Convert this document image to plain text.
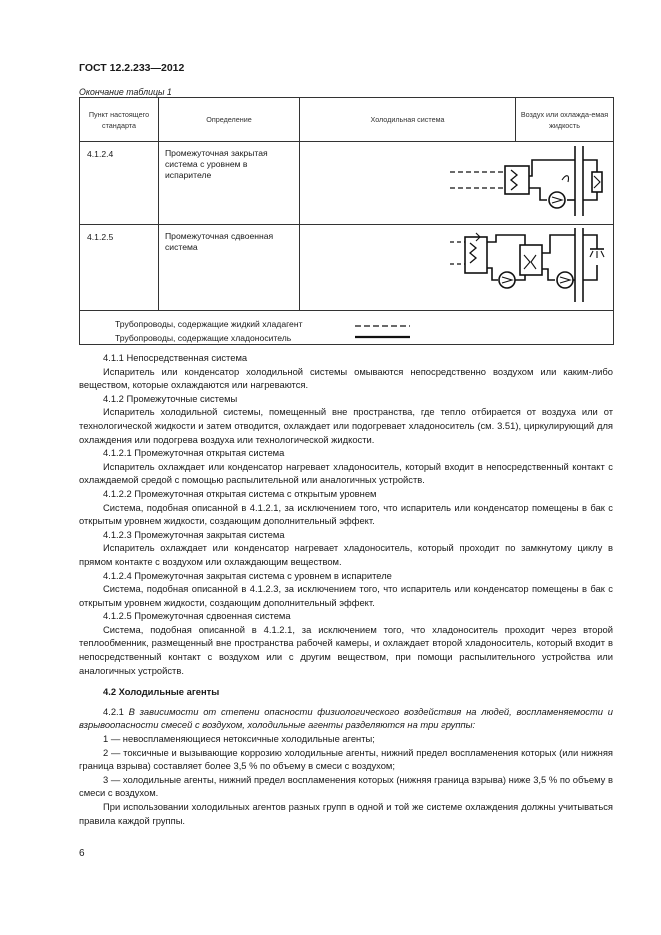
ГОСТ 12.2.233—2012
Окончание таблицы 1
Пункт настоящего стандарта	Определение	Холодильная система	Воздух или охлажда-емая жидкость
4.1.2.4	Промежуточная закрытая система с уровнем в испарителе	

4.1.2.5	Промежуточная сдвоенная система	

Трубопроводы, содержащие жидкий хладагент
Трубопроводы, содержащие хладоноситель			

4.1.1 Непосредственная система

Испаритель или конденсатор холодильной системы омываются непосредственно воздухом или каким-либо веществом, которые охлаждаются или нагреваются.

4.1.2 Промежуточные системы

Испаритель холодильной системы, помещенный вне пространства, где тепло отбирается от воздуха или от технологической жидкости и затем отводится, охлаждает или подогревает хладоноситель (см. 3.51), циркулирующий для охлаждения или подогрева воздуха или технологической жидкости.

4.1.2.1 Промежуточная открытая система

Испаритель охлаждает или конденсатор нагревает хладоноситель, который входит в непосредственный контакт с охлаждаемой средой с помощью распылительной или аналогичных устройств.

4.1.2.2 Промежуточная открытая система с открытым уровнем

Система, подобная описанной в 4.1.2.1, за исключением того, что испаритель или конденсатор помещены в бак с открытым уровнем жидкости, создающим дополнительный эффект.

4.1.2.3 Промежуточная закрытая система

Испаритель охлаждает или конденсатор нагревает хладоноситель, который проходит по замкнутому циклу в прямом контакте с воздухом или охлаждающим веществом.

4.1.2.4 Промежуточная закрытая система с уровнем в испарителе

Система, подобная описанной в 4.1.2.3, за исключением того, что испаритель или конденсатор помещены в бак с открытым уровнем жидкости, создающим дополнительный эффект.

4.1.2.5 Промежуточная сдвоенная система

Система, подобная описанной в 4.1.2.1, за исключением того, что хладоноситель проходит через второй теплообменник, размещенный вне пространства рабочей камеры, и охлаждает второй хладоноситель, который входит в непосредственный контакт с воздухом или с другим веществом, при помощи распылительного устройства или аналогичных устройств.

4.2 Холодильные агенты

4.2.1 В зависимости от степени опасности физиологического воздействия на людей, воспламеняемости и взрывоопасности смесей с воздухом, холодильные агенты разделяются на три группы:

1 — невоспламеняющиеся нетоксичные холодильные агенты;

2 — токсичные и вызывающие коррозию холодильные агенты, нижний предел воспламенения которых (или нижняя граница взрыва) составляет более 3,5 % по объему в смеси с воздухом;

3 — холодильные агенты, нижний предел воспламенения которых (нижняя граница взрыва) ниже 3,5 % по объему в смеси с воздухом.

При использовании холодильных агентов разных групп в одной и той же системе охлаждения должны учитываться правила каждой группы.

6
